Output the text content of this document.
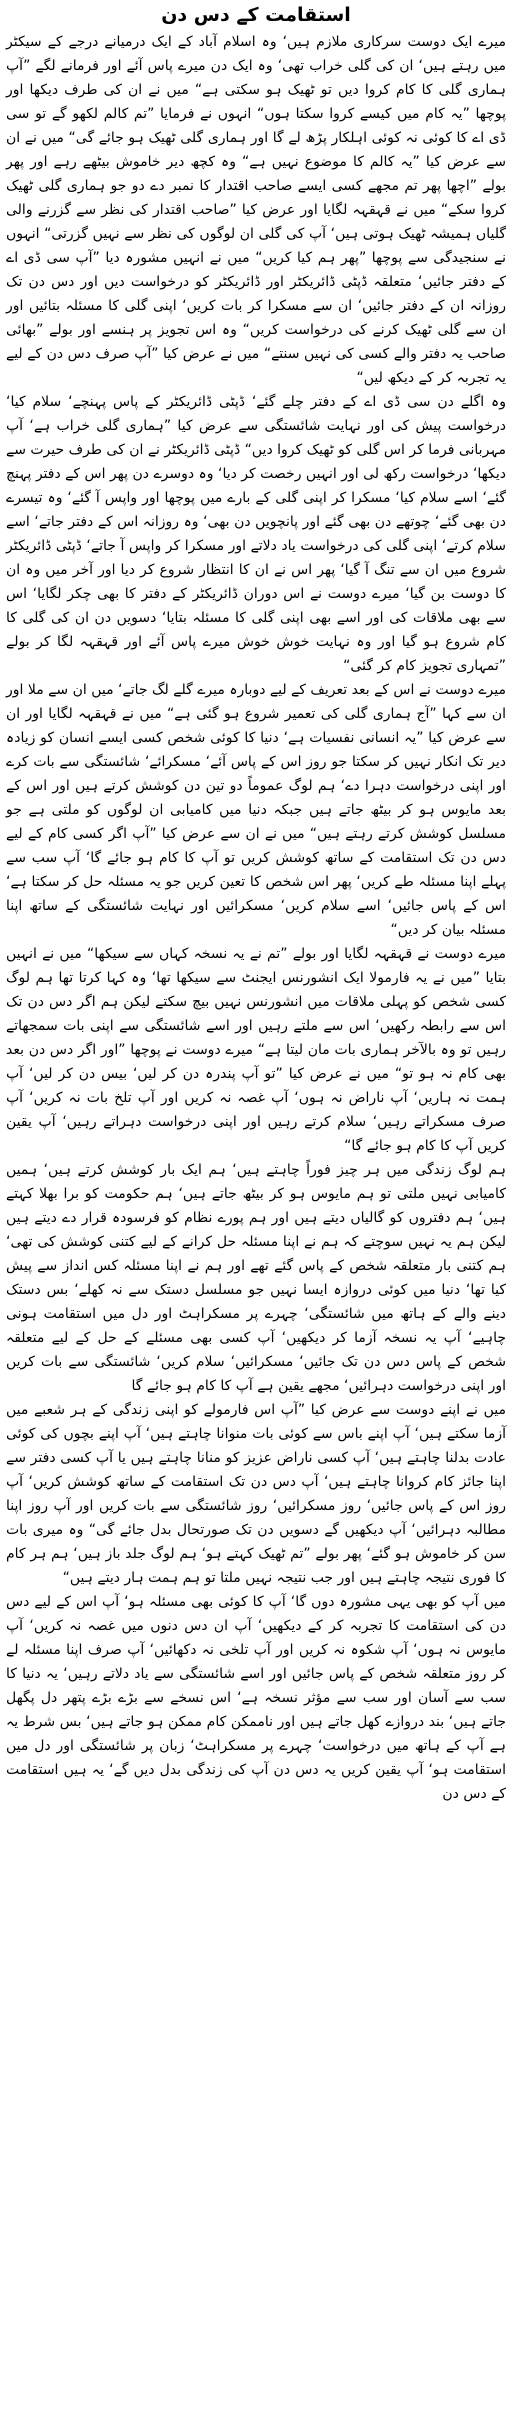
استقامت کے دس دن

میرے ایک دوست سرکاری ملازم ہیں‘ وہ اسلام آباد کے ایک درمیانے درجے کے سیکٹر میں رہتے ہیں‘ ان کی گلی خراب تھی‘ وہ ایک دن میرے پاس آئے اور فرمانے لگے ”آپ ہماری گلی کا کام کروا دیں تو ٹھیک ہو سکتی ہے“ میں نے ان کی طرف دیکھا اور پوچھا ”یہ کام میں کیسے کروا سکتا ہوں“ انہوں نے فرمایا ”تم کالم لکھو گے تو سی ڈی اے کا کوئی نہ کوئی اہلکار پڑھ لے گا اور ہماری گلی ٹھیک ہو جائے گی“ میں نے ان سے عرض کیا ”یہ کالم کا موضوع نہیں ہے“ وہ کچھ دیر خاموش بیٹھے رہے اور پھر بولے ”اچھا پھر تم مجھے کسی ایسے صاحب اقتدار کا نمبر دے دو جو ہماری گلی ٹھیک کروا سکے“ میں نے قہقہہ لگایا اور عرض کیا ”صاحب اقتدار کی نظر سے گزرنے والی گلیاں ہمیشہ ٹھیک ہوتی ہیں‘ آپ کی گلی ان لوگوں کی نظر سے نہیں گزرتی“ انہوں نے سنجیدگی سے پوچھا ”پھر ہم کیا کریں“ میں نے انہیں مشورہ دیا ”آپ سی ڈی اے کے دفتر جائیں‘ متعلقہ ڈپٹی ڈائریکٹر اور ڈائریکٹر کو درخواست دیں اور دس دن تک روزانہ ان کے دفتر جائیں‘ ان سے مسکرا کر بات کریں‘ اپنی گلی کا مسئلہ بتائیں اور ان سے گلی ٹھیک کرنے کی درخواست کریں“ وہ اس تجویز پر ہنسے اور بولے ”بھائی صاحب یہ دفتر والے کسی کی نہیں سنتے“ میں نے عرض کیا ”آپ صرف دس دن کے لیے یہ تجربہ کر کے دیکھ لیں“

وہ اگلے دن سی ڈی اے کے دفتر چلے گئے‘ ڈپٹی ڈائریکٹر کے پاس پہنچے‘ سلام کیا‘ درخواست پیش کی اور نہایت شائستگی سے عرض کیا ”ہماری گلی خراب ہے‘ آپ مہربانی فرما کر اس گلی کو ٹھیک کروا دیں“ ڈپٹی ڈائریکٹر نے ان کی طرف حیرت سے دیکھا‘ درخواست رکھ لی اور انہیں رخصت کر دیا‘ وہ دوسرے دن پھر اس کے دفتر پہنچ گئے‘ اسے سلام کیا‘ مسکرا کر اپنی گلی کے بارے میں پوچھا اور واپس آ گئے‘ وہ تیسرے دن بھی گئے‘ چوتھے دن بھی گئے اور پانچویں دن بھی‘ وہ روزانہ اس کے دفتر جاتے‘ اسے سلام کرتے‘ اپنی گلی کی درخواست یاد دلاتے اور مسکرا کر واپس آ جاتے‘ ڈپٹی ڈائریکٹر شروع میں ان سے تنگ آ گیا‘ پھر اس نے ان کا انتظار شروع کر دیا اور آخر میں وہ ان کا دوست بن گیا‘ میرے دوست نے اس دوران ڈائریکٹر کے دفتر کا بھی چکر لگایا‘ اس سے بھی ملاقات کی اور اسے بھی اپنی گلی کا مسئلہ بتایا‘ دسویں دن ان کی گلی کا کام شروع ہو گیا اور وہ نہایت خوش خوش میرے پاس آئے اور قہقہہ لگا کر بولے ”تمہاری تجویز کام کر گئی“

میرے دوست نے اس کے بعد تعریف کے لیے دوبارہ میرے گلے لگ جاتے‘ میں ان سے ملا اور ان سے کہا ”آج ہماری گلی کی تعمیر شروع ہو گئی ہے“ میں نے قہقہہ لگایا اور ان سے عرض کیا ”یہ انسانی نفسیات ہے‘ دنیا کا کوئی شخص کسی ایسے انسان کو زیادہ دیر تک انکار نہیں کر سکتا جو روز اس کے پاس آئے‘ مسکرائے‘ شائستگی سے بات کرے اور اپنی درخواست دہرا دے‘ ہم لوگ عموماً دو تین دن کوشش کرتے ہیں اور اس کے بعد مایوس ہو کر بیٹھ جاتے ہیں جبکہ دنیا میں کامیابی ان لوگوں کو ملتی ہے جو مسلسل کوشش کرتے رہتے ہیں“ میں نے ان سے عرض کیا ”آپ اگر کسی کام کے لیے دس دن تک استقامت کے ساتھ کوشش کریں تو آپ کا کام ہو جائے گا‘ آپ سب سے پہلے اپنا مسئلہ طے کریں‘ پھر اس شخص کا تعین کریں جو یہ مسئلہ حل کر سکتا ہے‘ اس کے پاس جائیں‘ اسے سلام کریں‘ مسکرائیں اور نہایت شائستگی کے ساتھ اپنا مسئلہ بیان کر دیں“

میرے دوست نے قہقہہ لگایا اور بولے ”تم نے یہ نسخہ کہاں سے سیکھا“ میں نے انہیں بتایا ”میں نے یہ فارمولا ایک انشورنس ایجنٹ سے سیکھا تھا‘ وہ کہا کرتا تھا ہم لوگ کسی شخص کو پہلی ملاقات میں انشورنس نہیں بیچ سکتے لیکن ہم اگر دس دن تک اس سے رابطہ رکھیں‘ اس سے ملتے رہیں اور اسے شائستگی سے اپنی بات سمجھاتے رہیں تو وہ بالآخر ہماری بات مان لیتا ہے“ میرے دوست نے پوچھا ”اور اگر دس دن بعد بھی کام نہ ہو تو“ میں نے عرض کیا ”تو آپ پندرہ دن کر لیں‘ بیس دن کر لیں‘ آپ ہمت نہ ہاریں‘ آپ ناراض نہ ہوں‘ آپ غصہ نہ کریں اور آپ تلخ بات نہ کریں‘ آپ صرف مسکراتے رہیں‘ سلام کرتے رہیں اور اپنی درخواست دہراتے رہیں‘ آپ یقین کریں آپ کا کام ہو جائے گا“

ہم لوگ زندگی میں ہر چیز فوراً چاہتے ہیں‘ ہم ایک بار کوشش کرتے ہیں‘ ہمیں کامیابی نہیں ملتی تو ہم مایوس ہو کر بیٹھ جاتے ہیں‘ ہم حکومت کو برا بھلا کہتے ہیں‘ ہم دفتروں کو گالیاں دیتے ہیں اور ہم پورے نظام کو فرسودہ قرار دے دیتے ہیں لیکن ہم یہ نہیں سوچتے کہ ہم نے اپنا مسئلہ حل کرانے کے لیے کتنی کوشش کی تھی‘ ہم کتنی بار متعلقہ شخص کے پاس گئے تھے اور ہم نے اپنا مسئلہ کس انداز سے پیش کیا تھا‘ دنیا میں کوئی دروازہ ایسا نہیں جو مسلسل دستک سے نہ کھلے‘ بس دستک دینے والے کے ہاتھ میں شائستگی‘ چہرے پر مسکراہٹ اور دل میں استقامت ہونی چاہیے‘ آپ یہ نسخہ آزما کر دیکھیں‘ آپ کسی بھی مسئلے کے حل کے لیے متعلقہ شخص کے پاس دس دن تک جائیں‘ مسکرائیں‘ سلام کریں‘ شائستگی سے بات کریں اور اپنی درخواست دہرائیں‘ مجھے یقین ہے آپ کا کام ہو جائے گا

میں نے اپنے دوست سے عرض کیا ”آپ اس فارمولے کو اپنی زندگی کے ہر شعبے میں آزما سکتے ہیں‘ آپ اپنے باس سے کوئی بات منوانا چاہتے ہیں‘ آپ اپنے بچوں کی کوئی عادت بدلنا چاہتے ہیں‘ آپ کسی ناراض عزیز کو منانا چاہتے ہیں یا آپ کسی دفتر سے اپنا جائز کام کروانا چاہتے ہیں‘ آپ دس دن تک استقامت کے ساتھ کوشش کریں‘ آپ روز اس کے پاس جائیں‘ روز مسکرائیں‘ روز شائستگی سے بات کریں اور آپ روز اپنا مطالبہ دہرائیں‘ آپ دیکھیں گے دسویں دن تک صورتحال بدل جائے گی“ وہ میری بات سن کر خاموش ہو گئے‘ پھر بولے ”تم ٹھیک کہتے ہو‘ ہم لوگ جلد باز ہیں‘ ہم ہر کام کا فوری نتیجہ چاہتے ہیں اور جب نتیجہ نہیں ملتا تو ہم ہمت ہار دیتے ہیں“

میں آپ کو بھی یہی مشورہ دوں گا‘ آپ کا کوئی بھی مسئلہ ہو‘ آپ اس کے لیے دس دن کی استقامت کا تجربہ کر کے دیکھیں‘ آپ ان دس دنوں میں غصہ نہ کریں‘ آپ مایوس نہ ہوں‘ آپ شکوہ نہ کریں اور آپ تلخی نہ دکھائیں‘ آپ صرف اپنا مسئلہ لے کر روز متعلقہ شخص کے پاس جائیں اور اسے شائستگی سے یاد دلاتے رہیں‘ یہ دنیا کا سب سے آسان اور سب سے مؤثر نسخہ ہے‘ اس نسخے سے بڑے بڑے پتھر دل پگھل جاتے ہیں‘ بند دروازے کھل جاتے ہیں اور ناممکن کام ممکن ہو جاتے ہیں‘ بس شرط یہ ہے آپ کے ہاتھ میں درخواست‘ چہرے پر مسکراہٹ‘ زبان پر شائستگی اور دل میں استقامت ہو‘ آپ یقین کریں یہ دس دن آپ کی زندگی بدل دیں گے‘ یہ ہیں استقامت کے دس دن
